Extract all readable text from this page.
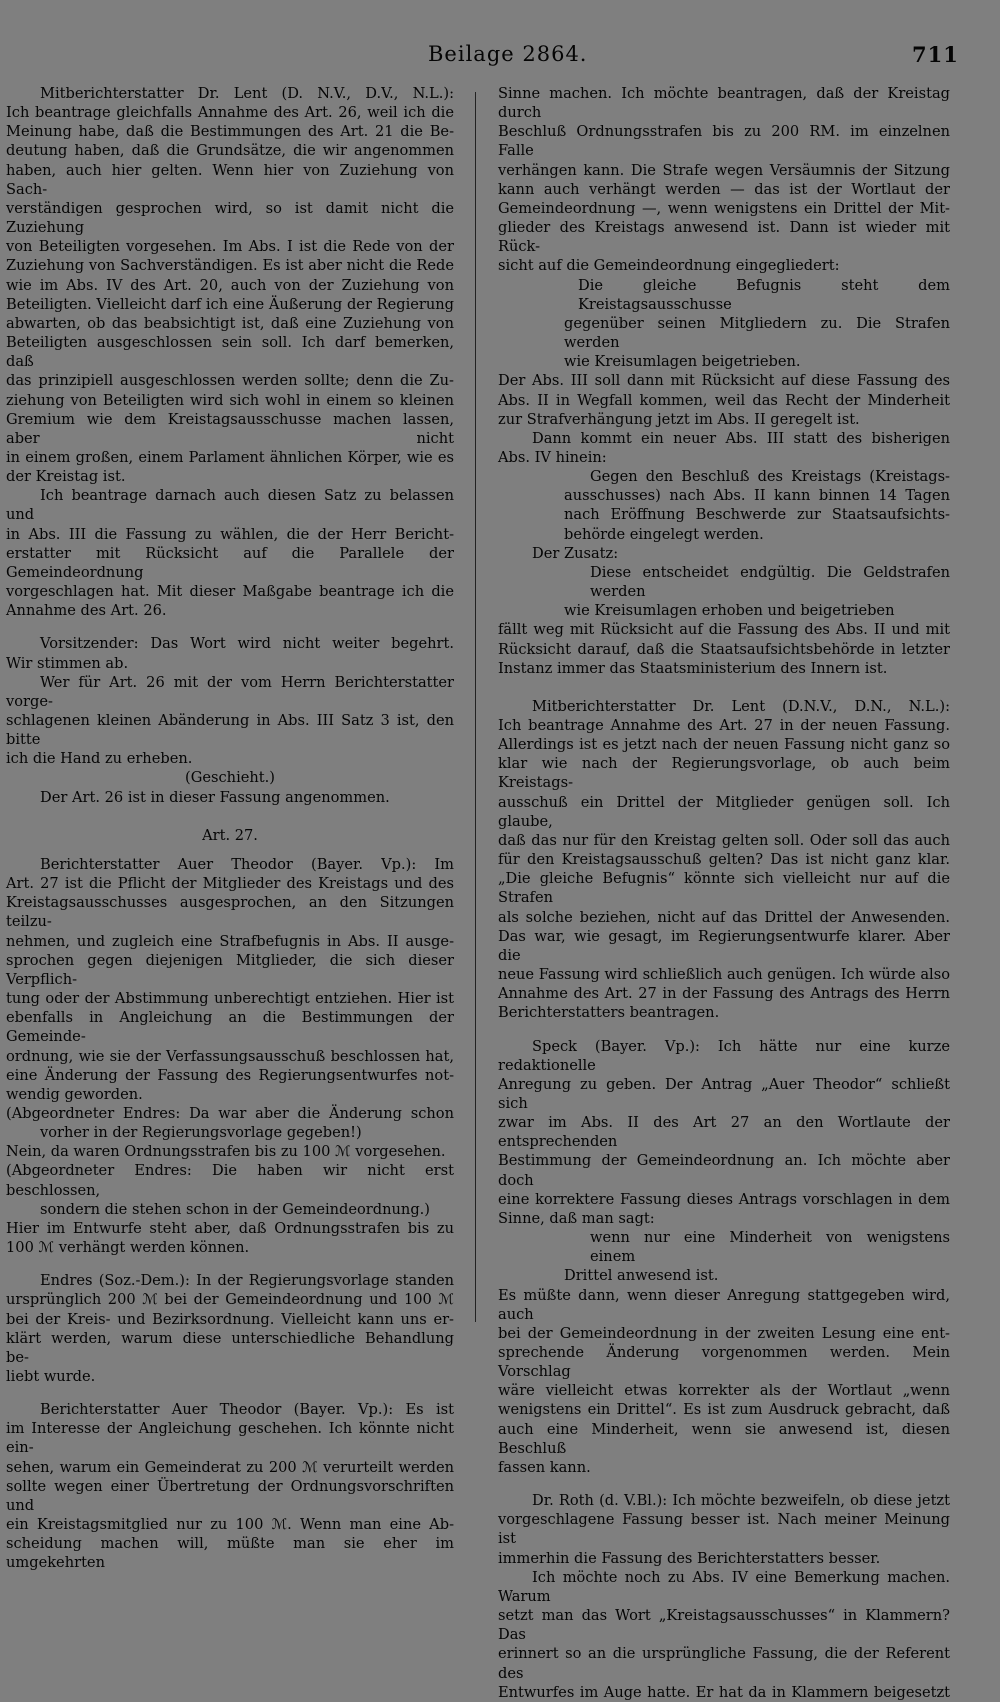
Beilage 2864.	711
Mitberichterstatter Dr. Lent (D. N.V., D.V., N.L.):
Ich beantrage gleichfalls Annahme des Art. 26, weil ich die
Meinung habe, daß die Bestimmungen des Art. 21 die Be-
deutung haben, daß die Grundsätze, die wir angenommen
haben, auch hier gelten. Wenn hier von Zuziehung von Sach-
verständigen gesprochen wird, so ist damit nicht die Zuziehung
von Beteiligten vorgesehen. Im Abs. I ist die Rede von der
Zuziehung von Sachverständigen. Es ist aber nicht die Rede
wie im Abs. IV des Art. 20, auch von der Zuziehung von
Beteiligten. Vielleicht darf ich eine Äußerung der Regierung
abwarten, ob das beabsichtigt ist, daß eine Zuziehung von
Beteiligten ausgeschlossen sein soll. Ich darf bemerken, daß
das prinzipiell ausgeschlossen werden sollte; denn die Zu-
ziehung von Beteiligten wird sich wohl in einem so kleinen
Gremium wie dem Kreistagsausschusse machen lassen, aber nicht
in einem großen, einem Parlament ähnlichen Körper, wie es
der Kreistag ist.
Ich beantrage darnach auch diesen Satz zu belassen und
in Abs. III die Fassung zu wählen, die der Herr Bericht-
erstatter mit Rücksicht auf die Parallele der Gemeindeordnung
vorgeschlagen hat. Mit dieser Maßgabe beantrage ich die
Annahme des Art. 26.
Vorsitzender: Das Wort wird nicht weiter begehrt.
Wir stimmen ab.
Wer für Art. 26 mit der vom Herrn Berichterstatter vorge-
schlagenen kleinen Abänderung in Abs. III Satz 3 ist, den bitte
ich die Hand zu erheben.
(Geschieht.)
Der Art. 26 ist in dieser Fassung angenommen.
Art. 27.
Berichterstatter Auer Theodor (Bayer. Vp.): Im
Art. 27 ist die Pflicht der Mitglieder des Kreistags und des
Kreistagsausschusses ausgesprochen, an den Sitzungen teilzu-
nehmen, und zugleich eine Strafbefugnis in Abs. II ausge-
sprochen gegen diejenigen Mitglieder, die sich dieser Verpflich-
tung oder der Abstimmung unberechtigt entziehen. Hier ist
ebenfalls in Angleichung an die Bestimmungen der Gemeinde-
ordnung, wie sie der Verfassungsausschuß beschlossen hat,
eine Änderung der Fassung des Regierungsentwurfes not-
wendig geworden.
(Abgeordneter Endres: Da war aber die Änderung schon
vorher in der Regierungsvorlage gegeben!)
Nein, da waren Ordnungsstrafen bis zu 100 ℳ vorgesehen.
(Abgeordneter Endres: Die haben wir nicht erst beschlossen,
sondern die stehen schon in der Gemeindeordnung.)
Hier im Entwurfe steht aber, daß Ordnungsstrafen bis zu
100 ℳ verhängt werden können.
Endres (Soz.-Dem.): In der Regierungsvorlage standen
ursprünglich 200 ℳ bei der Gemeindeordnung und 100 ℳ
bei der Kreis- und Bezirksordnung. Vielleicht kann uns er-
klärt werden, warum diese unterschiedliche Behandlung be-
liebt wurde.
Berichterstatter Auer Theodor (Bayer. Vp.): Es ist
im Interesse der Angleichung geschehen. Ich könnte nicht ein-
sehen, warum ein Gemeinderat zu 200 ℳ verurteilt werden
sollte wegen einer Übertretung der Ordnungsvorschriften und
ein Kreistagsmitglied nur zu 100 ℳ. Wenn man eine Ab-
scheidung machen will, müßte man sie eher im umgekehrten
Sinne machen. Ich möchte beantragen, daß der Kreistag durch
Beschluß Ordnungsstrafen bis zu 200 RM. im einzelnen Falle
verhängen kann. Die Strafe wegen Versäumnis der Sitzung
kann auch verhängt werden — das ist der Wortlaut der
Gemeindeordnung —, wenn wenigstens ein Drittel der Mit-
glieder des Kreistags anwesend ist. Dann ist wieder mit Rück-
sicht auf die Gemeindeordnung eingegliedert:
Die gleiche Befugnis steht dem Kreistagsausschusse
gegenüber seinen Mitgliedern zu. Die Strafen werden
wie Kreisumlagen beigetrieben.
Der Abs. III soll dann mit Rücksicht auf diese Fassung des
Abs. II in Wegfall kommen, weil das Recht der Minderheit
zur Strafverhängung jetzt im Abs. II geregelt ist.
Dann kommt ein neuer Abs. III statt des bisherigen
Abs. IV hinein:
Gegen den Beschluß des Kreistags (Kreistags-
ausschusses) nach Abs. II kann binnen 14 Tagen
nach Eröffnung Beschwerde zur Staatsaufsichts-
behörde eingelegt werden.
Der Zusatz:
Diese entscheidet endgültig. Die Geldstrafen werden
wie Kreisumlagen erhoben und beigetrieben
fällt weg mit Rücksicht auf die Fassung des Abs. II und mit
Rücksicht darauf, daß die Staatsaufsichtsbehörde in letzter
Instanz immer das Staatsministerium des Innern ist.
Mitberichterstatter Dr. Lent (D.N.V., D.N., N.L.):
Ich beantrage Annahme des Art. 27 in der neuen Fassung.
Allerdings ist es jetzt nach der neuen Fassung nicht ganz so
klar wie nach der Regierungsvorlage, ob auch beim Kreistags-
ausschuß ein Drittel der Mitglieder genügen soll. Ich glaube,
daß das nur für den Kreistag gelten soll. Oder soll das auch
für den Kreistagsausschuß gelten? Das ist nicht ganz klar.
„Die gleiche Befugnis“ könnte sich vielleicht nur auf die Strafen
als solche beziehen, nicht auf das Drittel der Anwesenden.
Das war, wie gesagt, im Regierungsentwurfe klarer. Aber die
neue Fassung wird schließlich auch genügen. Ich würde also
Annahme des Art. 27 in der Fassung des Antrags des Herrn
Berichterstatters beantragen.
Speck (Bayer. Vp.): Ich hätte nur eine kurze redaktionelle
Anregung zu geben. Der Antrag „Auer Theodor“ schließt sich
zwar im Abs. II des Art 27 an den Wortlaute der entsprechenden
Bestimmung der Gemeindeordnung an. Ich möchte aber doch
eine korrektere Fassung dieses Antrags vorschlagen in dem
Sinne, daß man sagt:
wenn nur eine Minderheit von wenigstens einem
Drittel anwesend ist.
Es müßte dann, wenn dieser Anregung stattgegeben wird, auch
bei der Gemeindeordnung in der zweiten Lesung eine ent-
sprechende Änderung vorgenommen werden. Mein Vorschlag
wäre vielleicht etwas korrekter als der Wortlaut „wenn
wenigstens ein Drittel“. Es ist zum Ausdruck gebracht, daß
auch eine Minderheit, wenn sie anwesend ist, diesen Beschluß
fassen kann.
Dr. Roth (d. V.Bl.): Ich möchte bezweifeln, ob diese jetzt
vorgeschlagene Fassung besser ist. Nach meiner Meinung ist
immerhin die Fassung des Berichterstatters besser.
Ich möchte noch zu Abs. IV eine Bemerkung machen. Warum
setzt man das Wort „Kreistagsausschusses“ in Klammern? Das
erinnert so an die ursprüngliche Fassung, die der Referent des
Entwurfes im Auge hatte. Er hat da in Klammern beigesetzt
